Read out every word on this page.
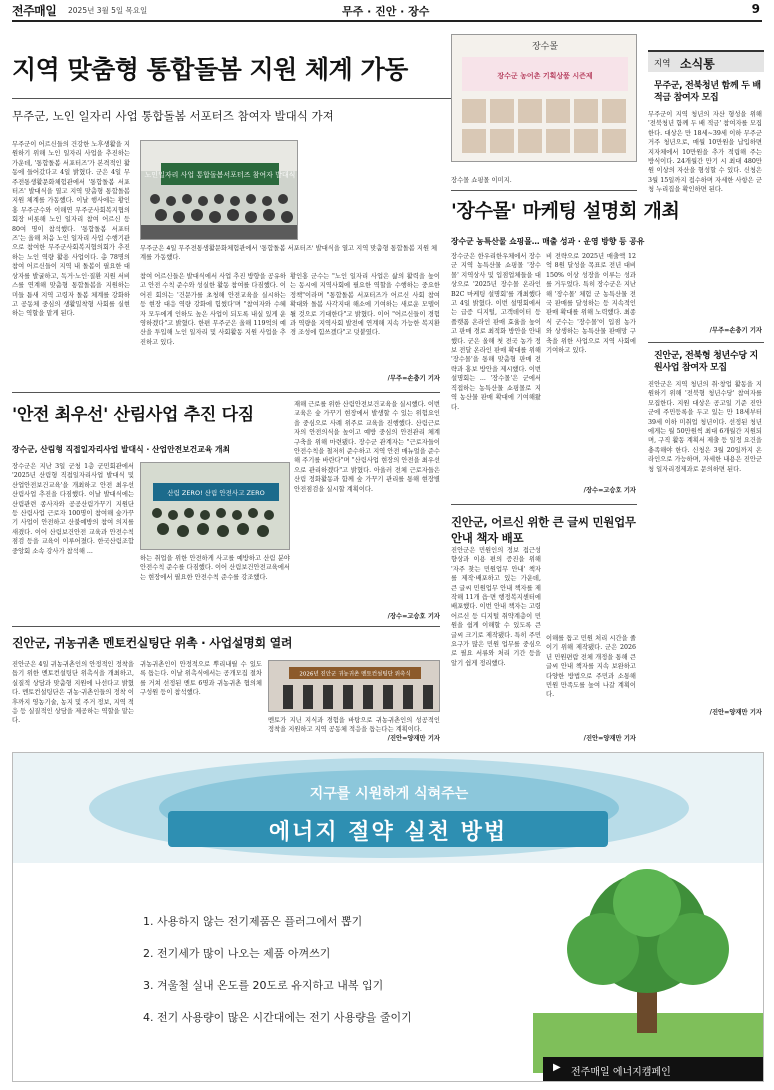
전주매일 2025년 3월 5일 목요일	무주 · 진안 · 장수	9
지역 맞춤형 통합돌봄 지원 체계 가동
무주군, 노인 일자리 사업 통합돌봄 서포터즈 참여자 발대식 가져
무주군이 어르신들의 건강한 노후생활을 지원하기 위해 노인 일자리 사업을 추진하는 가운데, '통합돌봄 서포터즈'가 본격적인 활동에 들어갔다고 4일 밝혔다. 군은 4일 무주전통생활문화체험관에서 '통합돌봄 서포터즈' 발대식을 열고 지역 맞춤형 통합돌봄 지원 체계를 가동했다. 이날 행사에는 황인홍 무주군수와 이해연 무주군사회복지협의회장 비롯해 노인 일자리 참여 어르신 등 80여 명이 참석했다. '통합돌봄 서포터즈'는 올해 처음 노인 일자리 사업 수행기관으로 참여한 무주군사회복지협의회가 추진하는 노인 역량 활용 사업이다. 총 78명의 참여 어르신들이 지역 내 돌봄이 필요한 대상자를 발굴하고, 독거·노인·질환 지원 서비스를 연계해 맞춤형 통합돌봄을 지원하는 미들 틈새 지역 고령자 돌봄 체계를 강화하고 공동체 중심의 생활밀착형 사회를 실현하는 역할을 맡게 된다.
노인일자리 사업 통합돌봄서포터즈 참여자 발대식
무주군은 4일 무주전통생활문화체험관에서 '통합돌봄 서포터즈' 발대식을 열고 지역 맞춤형 통합돌봄 지원 체계를 가동했다.
참여 어르신들은 발대식에서 사업 추진 방향을 공유하고 안전 수칙 준수와 성실한 활동 참여를 다짐했다. 이어진 회의는 '건문가를 초청해 안전교육을 실시하는 등 현장 대응 역량 강화에 힘썼다'며 "참여자와 수혜자 모두에게 인하도 높은 사업이 되도록 내실 있게 운영하겠다"고 밝혔다. 한편 무주군은 올해 119억의 예산을 투입해 노인 일자리 및 사회활동 지원 사업을 추진하고 있다.
황인홍 군수는 "노인 일자리 사업은 삶의 활력을 높이는 동시에 지역사회에 필요한 역할을 수행하는 중요한 정책"이라며 "통합돌봄 서포터즈가 어르신 사회 참여 확대와 돌봄 사각지대 해소에 기여하는 새로운 모델이 될 것으로 기대한다"고 밝혔다. 이어 "어르신들이 경험과 역량을 지역사회 발전에 연계해 지속 가능한 복지환경 조성에 힘쓰겠다"고 덧붙였다.
/무주=손충기 기자
장수몰
장수군 농어촌 기획상품 시즌제
장수몰 쇼핑몰 이미지.
'장수몰' 마케팅 설명회 개최
장수군 농특산물 쇼핑몰… 매출 성과 · 운영 방향 등 공유
장수군은 한우리한우체에서 장수군 지역 농특산물 쇼핑몰 '장수몰' 지역상사 및 입점업체들을 대상으로 '2025년 장수몰 온라인 B2C 마케팅 설명회'를 개최했다고 4일 밝혔다. 이번 설명회에서는 급증 디지털, 고객데이터 등 플랫폼 온라인 판매 효율을 높이고 판매 경로 최적화 방안을 안내했다. 군은 올해 첫 전국 농가 정보 전달 온라인 판매 확대를 위해 '장수몰'을 통해 맞춤형 판매 전략과 홍보 방안을 제시했다. 이번 설명회는 ... '장수몰'은 군에서 직접하는 농특산물 쇼핑몰로 지역 농산물 판매 확대에 기여해왔다.
비 전략으로 2025년 매출액 12억 8원 달성을 목표로 전년 대비 150% 이상 성장을 이루는 성과를 거두었다. 특히 장수군은 지난해 '장수몰' 체험 군 농특산물 전국 판매를 달성하는 등 지속적인 판매 확대를 위해 노력했다. 최종식 군수는 '장수몰'이 입점 농가와 상생하는 농특산물 판매망 구축을 위한 사업으로 지역 사회에 기여하고 있다.
/장수=고승호 기자
'안전 최우선' 산림사업 추진 다짐
장수군, 산림형 직접일자리사업 발대식 · 산업안전보건교육 개최
장수군은 지난 3일 군청 1층 군민회관에서 '2025년 산림형 직접일자리사업 발대식 및 산업안전보건교육'을 개최하고 안전 최우선 산림사업 추진을 다짐했다. 이날 발대식에는 산림관련 종사자와 공공산림가꾸기 지원단 등 산림사업 근로자 100명이 참여해 숲가꾸기 사업이 안전하고 산불예방의 참여 의지를 새겼다. 이어 산림보건안전 교육과 안전수칙 점검 등을 교육이 이루어졌다. 한국산림조합중앙회 소속 강사가 참석해 ...
산림 ZERO! 산림 안전사고 ZERO
하는 취업을 위한 안전하게 사고를 예방하고 산림 분야 안전수칙 준수를 다짐했다. 이어 산림보건안전교육에서는 현장에서 필요한 안전수칙 준수를 강조했다.
재해 근로를 위한 산림안전보건교육을 실시했다. 이번 교육은 숲 가꾸기 현장에서 발생할 수 있는 위험요인을 중심으로 사례 위주로 교육을 진행했다. 산림근로자의 안전의식을 높이고 예방 중심의 안전관리 체계 구축을 위해 마련됐다. 장수군 관계자는 "근로자들이 안전수칙을 철저히 준수하고 지역 안전 매뉴얼을 준수해 주기를 바란다"며 "산림사업 현장의 안전을 최우선으로 관리하겠다"고 밝혔다. 아울러 전체 근로자들은 산림 정화활동과 함께 숲 가꾸기 관리를 통해 현장별 안전점검을 실시할 계획이다.
/장수=고승호 기자
진안군, 귀농귀촌 멘토컨실팅단 위촉 · 사업설명회 열려
진안군은 4일 귀농귀촌인의 안정적인 정착을 돕기 위한 멘토컨설팅단 위촉식을 개최하고, 실질적 상담과 맞춤형 지원에 나선다고 밝혔다. 멘토컨설팅단은 귀농·귀촌인들의 정착 이후까지 영농기술, 농지 및 주거 정보, 지역 적응 등 실질적인 상담을 제공하는 역할을 맡는다.
귀농귀촌인이 안정적으로 뿌리내릴 수 있도록 돕는다. 이날 위촉식에서는 공개모집 절차를 거쳐 선정된 멘토 6명과 귀농귀촌 협의체 구성원 등이 참석했다.
2026년 진안군 귀농귀촌 멘토컨설팅단 위촉식
멘토가 지닌 지식과 경험을 바탕으로 귀농귀촌인의 성공적인 정착을 지원하고 지역 공동체 적응을 돕는다는 계획이다.
/진안=양재만 기자
진안군, 어르신 위한 큰 글씨 민원업무 안내 책자 배포
진안군은 민원인의 정보 접근성 향상과 이용 편의 증진을 위해 '자주 찾는 민원업무 안내' 책자를 제작·배포하고 있는 가운데, 큰 글씨 민원업무 안내 책자를 제작해 11개 읍·면 행정복지센터에 배포했다. 이번 안내 책자는 고령 어르신 등 디지털 취약계층이 민원을 쉽게 이해할 수 있도록 큰 글씨 크기로 제작됐다. 특히 주민 요구가 많은 민원 업무를 중심으로 필요 서류와 처리 기간 등을 알기 쉽게 정리했다.
이해를 돕고 민원 처리 시간을 줄이기 위해 제작됐다. 군은 2026년 민원편람 전체 개정을 통해 큰 글씨 안내 책자를 지속 보완하고 다양한 방법으로 주민과 소통해 민원 만족도를 높여 나갈 계획이다.
/진안=양재만 기자
지역 소식통
무주군, 전북청년 함께 두 배 적금 참여자 모집
무주군이 지역 청년의 자산 형성을 위해 '전북청년 함께 두 배 적금' 참여자를 모집한다. 대상은 만 18세~39세 이하 무주군 거주 청년으로, 매월 10만원을 납입하면 지자체에서 10만원을 추가 적립해 주는 방식이다. 24개월간 만기 시 최대 480만원 이상의 자산을 형성할 수 있다. 신청은 3월 15일까지 접수하며 자세한 사항은 군청 누리집을 확인하면 된다.
/무주=손충기 기자
진안군, 전북형 청년수당 지원사업 참여자 모집
진안군은 지역 청년의 취·창업 활동을 지원하기 위해 '전북형 청년수당' 참여자를 모집한다. 지원 대상은 공고일 기준 진안군에 주민등록을 두고 있는 만 18세부터 39세 이하 미취업 청년이다. 선정된 청년에게는 월 50만원씩 최대 6개월간 지원되며, 구직 활동 계획서 제출 등 일정 요건을 충족해야 한다. 신청은 3월 20일까지 온라인으로 가능하며, 자세한 내용은 진안군청 일자리경제과로 문의하면 된다.
/진안=양재만 기자
지구를 시원하게 식혀주는
에너지 절약 실천 방법
1. 사용하지 않는 전기제품은 플러그에서 뽑기
2. 전기세가 많이 나오는 제품 아껴쓰기
3. 겨울철 실내 온도를 20도로 유지하고 내복 입기
4. 전기 사용량이 많은 시간대에는 전기 사용량을 줄이기
▶ 전주매일 에너지캠페인
